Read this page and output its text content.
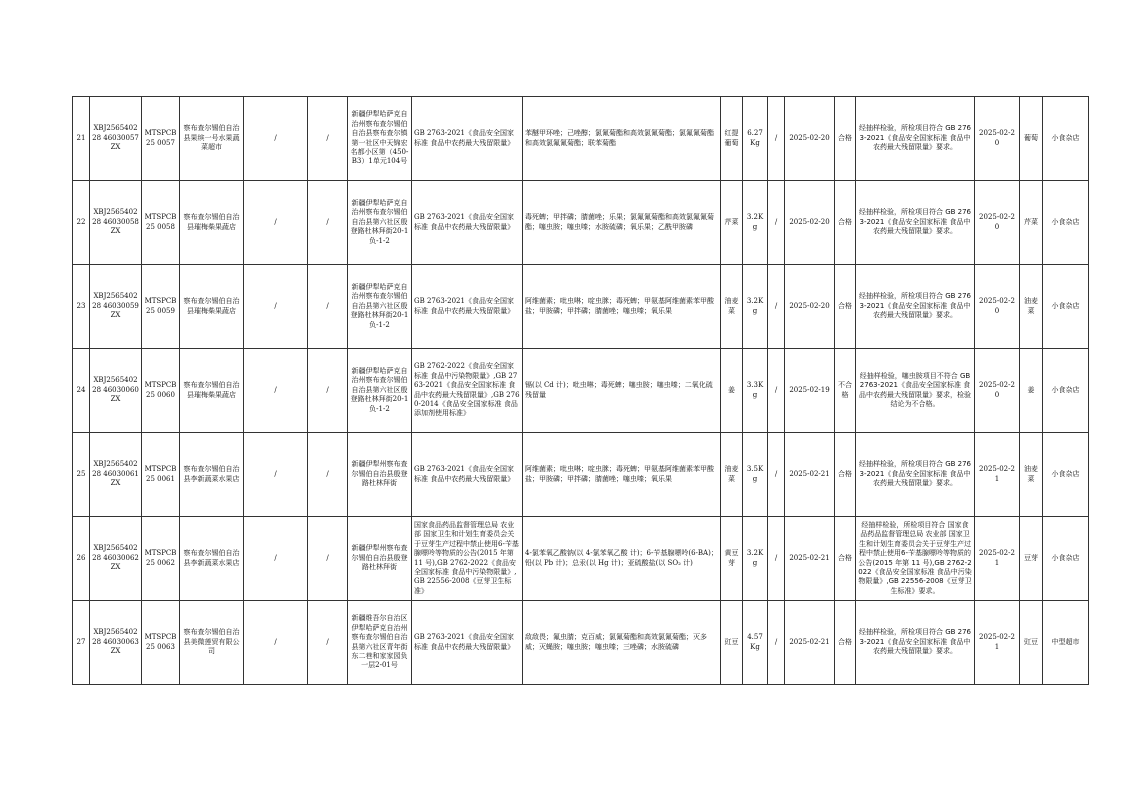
21	XBJ256540228 46030057ZX	MTSPCB25 0057	察布查尔锡伯自治县果缤一号水果蔬菜超市	/	/	新疆伊犁哈萨克自治州察布查尔锡伯自治县察布查尔镇第一社区中天锦宏名都小区第（450-B3）1单元104号	GB 2763-2021《食品安全国家标准 食品中农药最大残留限量》	苯醚甲环唑；己唑醇；氯氰菊酯和高效氯氰菊酯；氯氟氰菊酯和高效氯氟氰菊酯；联苯菊酯	红提葡萄	6.27Kg	/	2025-02-20	合格	经抽样检验，所检项目符合 GB 2763-2021《食品安全国家标准 食品中农药最大残留限量》要求。	2025-02-20	葡萄	小食杂店
22	XBJ256540228 46030058ZX	MTSPCB25 0058	察布查尔锡伯自治县璀梅柴果蔬店	/	/	新疆伊犁哈萨克自治州察布查尔锡伯自治县第六社区殷登路杜林拜街20-1负-1-2	GB 2763-2021《食品安全国家标准 食品中农药最大残留限量》	毒死蜱；甲拌磷；腈菌唑；乐果；氯氟氰菊酯和高效氯氟氰菊酯；噻虫胺；噻虫嗪；水胺硫磷；氧乐果；乙酰甲胺磷	芹菜	3.2Kg	/	2025-02-20	合格	经抽样检验，所检项目符合 GB 2763-2021《食品安全国家标准 食品中农药最大残留限量》要求。	2025-02-20	芹菜	小食杂店
23	XBJ256540228 46030059ZX	MTSPCB25 0059	察布查尔锡伯自治县璀梅柴果蔬店	/	/	新疆伊犁哈萨克自治州察布查尔锡伯自治县第六社区殷登路杜林拜街20-1负-1-2	GB 2763-2021《食品安全国家标准 食品中农药最大残留限量》	阿维菌素；吡虫啉；啶虫脒；毒死蜱；甲氨基阿维菌素苯甲酸盐；甲胺磷；甲拌磷；腈菌唑；噻虫嗪；氧乐果	油麦菜	3.2Kg	/	2025-02-20	合格	经抽样检验，所检项目符合 GB 2763-2021《食品安全国家标准 食品中农药最大残留限量》要求。	2025-02-20	油麦菜	小食杂店
24	XBJ256540228 46030060ZX	MTSPCB25 0060	察布查尔锡伯自治县璀梅柴果蔬店	/	/	新疆伊犁哈萨克自治州察布查尔锡伯自治县第六社区殷登路杜林拜街20-1负-1-2	GB 2762-2022《食品安全国家标准 食品中污染物限量》,GB 2763-2021《食品安全国家标准 食品中农药最大残留限量》,GB 2760-2014《食品安全国家标准 食品添加剂使用标准》	镉(以 Cd 计)；吡虫啉；毒死蜱；噻虫胺；噻虫嗪；二氧化硫残留量	姜	3.3Kg	/	2025-02-19	不合格	经抽样检验，噻虫胺项目不符合 GB 2763-2021《食品安全国家标准 食品中农药最大残留限量》要求，检验结论为不合格。	2025-02-20	姜	小食杂店
25	XBJ256540228 46030061ZX	MTSPCB25 0061	察布查尔锡伯自治县李新蔬菜水果店	/	/	新疆伊犁州察布查尔锡伯自治县殷登路杜林拜街	GB 2763-2021《食品安全国家标准 食品中农药最大残留限量》	阿维菌素；吡虫啉；啶虫脒；毒死蜱；甲氨基阿维菌素苯甲酸盐；甲胺磷；甲拌磷；腈菌唑；噻虫嗪；氧乐果	油麦菜	3.5Kg	/	2025-02-21	合格	经抽样检验，所检项目符合 GB 2763-2021《食品安全国家标准 食品中农药最大残留限量》要求。	2025-02-21	油麦菜	小食杂店
26	XBJ256540228 46030062ZX	MTSPCB25 0062	察布查尔锡伯自治县李新蔬菜水果店	/	/	新疆伊犁州察布查尔锡伯自治县殷登路杜林拜街	国家食品药品监督管理总局 农业部 国家卫生和计划生育委员会关于豆芽生产过程中禁止使用6-苄基腺嘌呤等物质的公告(2015 年第 11 号),GB 2762-2022《食品安全国家标准 食品中污染物限量》,GB 22556-2008《豆芽卫生标准》	4-氯苯氧乙酸钠(以 4-氯苯氧乙酸 计)；6-苄基腺嘌呤(6-BA)；铅(以 Pb 计)；总汞(以 Hg 计)；亚硫酸盐(以 SO₂ 计)	黄豆芽	3.2Kg	/	2025-02-21	合格	经抽样检验，所检项目符合 国家食品药品监督管理总局 农业部 国家卫生和计划生育委员会关于豆芽生产过程中禁止使用6-苄基腺嘌呤等物质的公告(2015 年第 11 号),GB 2762-2022《食品安全国家标准 食品中污染物限量》,GB 22556-2008《豆芽卫生标准》要求。	2025-02-21	豆芽	小食杂店
27	XBJ256540228 46030063ZX	MTSPCB25 0063	察布查尔锡伯自治县美微莲贸有限公司	/	/	新疆维吾尔自治区伊犁哈萨克自治州察布查尔锡伯自治县第六社区青年街东二巷和家家园负一层2-01号	GB 2763-2021《食品安全国家标准 食品中农药最大残留限量》	敌敌畏；氟虫腈；克百威；氯氰菊酯和高效氯氰菊酯；灭多威；灭蝇胺；噻虫胺；噻虫嗪；三唑磷；水胺硫磷	豇豆	4.57Kg	/	2025-02-21	合格	经抽样检验，所检项目符合 GB 2763-2021《食品安全国家标准 食品中农药最大残留限量》要求。	2025-02-21	豇豆	中型超市
